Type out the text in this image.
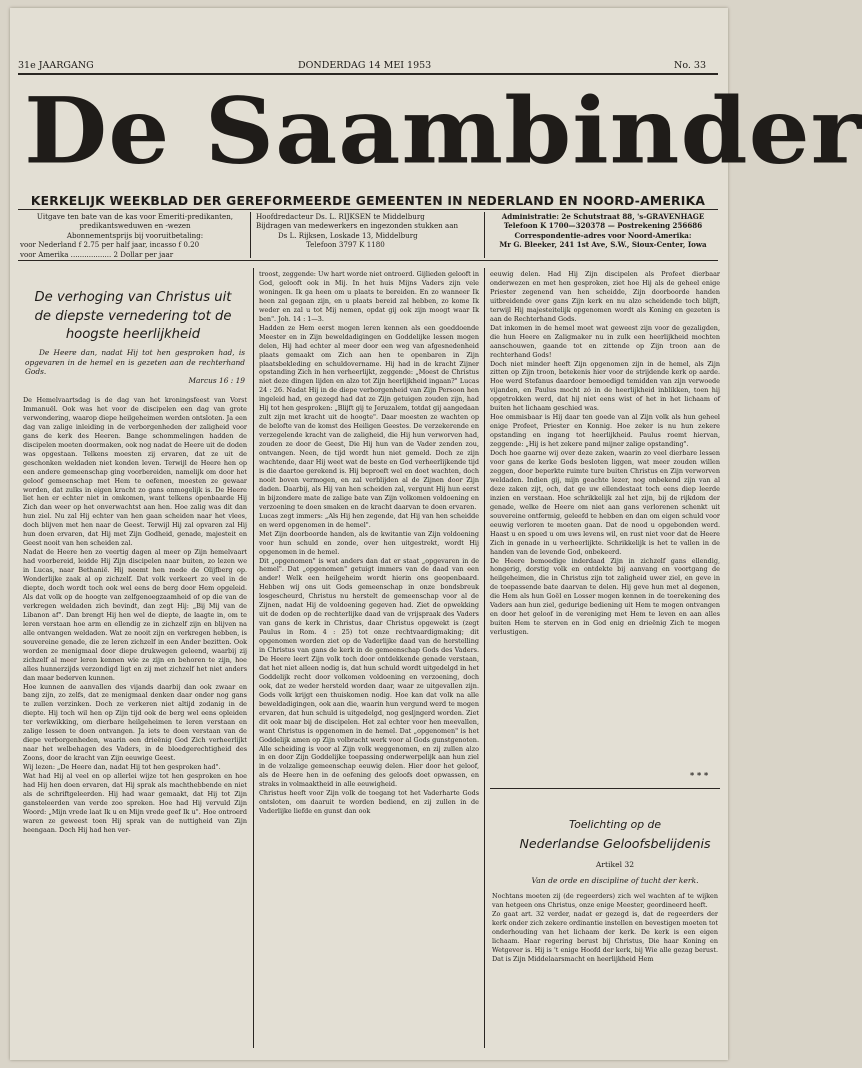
31e JAARGANG	DONDERDAG 14 MEI 1953	No. 33
De Saambinder
KERKELIJK WEEKBLAD DER GEREFORMEERDE GEMEENTEN IN NEDERLAND EN NOORD-AMERIKA
Uitgave ten bate van de kas voor Emeriti-predikanten,
predikantsweduwen en -wezen
Abonnementsprijs bij vooruitbetaling:
voor Nederland f 2.75 per half jaar, incasso f 0.20
voor Amerika .................. 2 Dollar per jaar
Hoofdredacteur Ds. L. RIJKSEN te Middelburg
Bijdragen van medewerkers en ingezonden stukken aan
Ds L. Rijksen, Loskade 13, Middelburg
Telefoon 3797 K 1180
Administratie: 2e Schutstraat 88, 's-GRAVENHAGE
Telefoon K 1700—320378 — Postrekening 256686
Correspondentie-adres voor Noord-Amerika:
Mr G. Bleeker, 241 1st Ave, S.W., Sioux-Center, Iowa
De verhoging van Christus uit
de diepste vernedering tot de
hoogste heerlijkheid
De Heere dan, nadat Hij tot hen gesproken had, is opgevaren in de hemel en is gezeten aan de rechterhand Gods.
Marcus 16 : 19

De Hemelvaartsdag is de dag van het kroningsfeest van Vorst Immanuël. Ook was het voor de discipelen een dag van grote verwondering, waarop diepe heilgeheimen werden ontsloten. Ja een dag van zalige inleiding in de verborgenheden der zaligheid voor gans de kerk des Heeren. Bange schommelingen hadden de discipelen moeten doormaken, ook nog nadat de Heere uit de doden was opgestaan. Telkens moesten zij ervaren, dat ze uit de geschonken weldaden niet konden leven. Terwijl de Heere hen op een andere gemeenschap ging voorbereiden, namelijk om door het geloof gemeenschap met Hem te oefenen, moesten ze gewaar worden, dat zulks in eigen kracht zo gans onmogelijk is. De Heere liet hen er echter niet in omkomen, want telkens openbaarde Hij Zich dan weer op het onverwachtst aan hen. Hoe zalig was dit dan hun ziel. Nu zal Hij echter van hen gaan scheiden naar het vlees, doch blijven met hen naar de Geest. Terwijl Hij zal opvaren zal Hij hun doen ervaren, dat Hij met Zijn Godheid, genade, majesteit en Geest nooit van hen scheiden zal.

Nadat de Heere hen zo veertig dagen al meer op Zijn hemelvaart had voorbereid, leidde Hij Zijn discipelen naar buiten, zo lezen we in Lucas, naar Bethanië. Hij neemt hen mede de Olijfberg op. Wonderlijke zaak al op zichzelf. Dat volk verkeert zo veel in de diepte, doch wordt toch ook wel eens de berg door Hem opgeleid. Als dat volk op de hoogte van zelfgenoegzaamheid of op die van de verkregen weldaden zich bevindt, dan zegt Hij: „Bij Mij van de Libanon af". Dan brengt Hij hen wel de diepte, de laagte in, om te leren verstaan hoe arm en ellendig ze in zichzelf zijn en blijven na alle ontvangen weldaden. Wat ze nooit zijn en verkregen hebben, is souvereine genade, die ze leren zichzelf in een Ander bezitten. Ook worden ze menigmaal door diepe drukwegen geleend, waarbij zij zichzelf al meer leren kennen wie ze zijn en behoren te zijn, hoe alles hunnerzijds verzondigd ligt en zij met zichzelf het niet anders dan maar bederven kunnen.

Hoe kunnen de aanvallen des vijands daarbij dan ook zwaar en bang zijn, zo zelfs, dat ze menigmaal denken daar onder nog gans te zullen verzinken. Doch ze verkeren niet altijd zodanig in de diepte. Hij toch wil hen op Zijn tijd ook de berg wel eens opleiden ter verkwikking, om dierbare heilgeheimen te leren verstaan en zalige lessen te doen ontvangen. Ja iets te doen verstaan van de diepe verborgenheden, waarin een drieënig God Zich verheerlijkt naar het welbehagen des Vaders, in de bloedgerechtigheid des Zoons, door de kracht van Zijn eeuwige Geest.

Wij lezen: „De Heere dan, nadat Hij tot hen gesproken had".

Wat had Hij al veel en op allerlei wijze tot hen gesproken en hoe had Hij hen doen ervaren, dat Hij sprak als machthebbende en niet als de schriftgeleerden. Hij had waar gemaakt, dat Hij tot Zijn gansteleerden van verde zoo spreken. Hoe had Hij vervuld Zijn Woord: „Mijn vrede laat Ik u en Mijn vrede geef Ik u". Hoe ontroerd waren ze geweest toen Hij sprak van de nuttigheid van Zijn heengaan. Doch Hij had hen ver-

troost, zeggende: Uw hart worde niet ontroerd. Gijlieden gelooft in God, gelooft ook in Mij. In het huis Mijns Vaders zijn vele woningen. Ik ga heen om u plaats te bereiden. En zo wanneer Ik heen zal gegaan zijn, en u plaats bereid zal hebben, zo kome Ik weder en zal u tot Mij nemen, opdat gij ook zijn moogt waar Ik ben". Joh. 14 : 1—3.

Hadden ze Hem eerst mogen leren kennen als een goeddoende Meester en in Zijn beweldadigingen en Goddelijke lessen mogen delen, Hij had echter al meer door een weg van afgesnedenheid plaats gemaakt om Zich aan hen te openbaren in Zijn plaatsbekleding en schuldovername. Hij had in de kracht Zijner opstanding Zich in hen verheerlijkt, zeggende: „Moest de Christus niet deze dingen lijden en alzo tot Zijn heerlijkheid ingaan?" Lucas 24 : 26. Nadat Hij in de diepe verborgenheid van Zijn Persoon hen ingeleid had, en gezegd had dat ze Zijn getuigen zouden zijn, had Hij tot hen gesproken: „Blijft gij te Jeruzalem, totdat gij aangedaan zult zijn met kracht uit de hoogte". Daar moesten ze wachten op de belofte van de komst des Heiligen Geestes. De verzekerende en verzegelende kracht van de zaligheid, die Hij hun verworven had, zouden ze door de Geest, Die Hij hun van de Vader zenden zou, ontvangen. Neen, de tijd wordt hun niet gemeld. Doch ze zijn wachtende, daar Hij weet wat de beste en God verheerlijkende tijd is die daartoe gerekend is. Hij beproeft wel en doet wachten, doch nooit boven vermogen, en zal verblijden al de Zijnen door Zijn daden. Daarbij, als Hij van hen scheiden zal, vergunt Hij hun eerst in bijzondere mate de zalige bate van Zijn volkomen voldoening en verzoening te doen smaken en de kracht daarvan te doen ervaren.

Lucas zegt immers: „Als Hij hen zegende, dat Hij van hen scheidde en werd opgenomen in de hemel".

Met Zijn doorboorde handen, als de kwitantie van Zijn voldoening voor hun schuld en zonde, over hen uitgestrekt, wordt Hij opgenomen in de hemel.

Dit „opgenomen" is wat anders dan dat er staat „opgevaren in de hemel". Dat „opgenomen" getuigt immers van de daad van een ander! Welk een heilgeheim wordt hierin ons geopenbaard. Hebben wij ons uit Gods gemeenschap in onze bondsbreuk losgescheurd, Christus nu herstelt de gemeenschap voor al de Zijnen, nadat Hij de voldoening gegeven had. Ziet de opwekking uit de doden op de rechterlijke daad van de vrijspraak des Vaders van gans de kerk in Christus, daar Christus opgewekt is (zegt Paulus in Rom. 4 : 25) tot onze rechtvaardigmaking; dit opgenomen worden ziet op de Vaderlijke daad van de herstelling in Christus van gans de kerk in de gemeenschap Gods des Vaders. De Heere leert Zijn volk toch door ontdekkende genade verstaan, dat het niet alleen nodig is, dat hun schuld wordt uitgedelgd in het Goddelijk recht door volkomen voldoening en verzoening, doch ook, dat ze weder hersteld worden daar, waar ze uitgevallen zijn. Gods volk krijgt een thuiskomen nodig. Hoe kan dat volk na alle beweldadigingen, ook aan die, waarin hun vergund werd te mogen ervaren, dat hun schuld is uitgedelgd, nog gesljngerd worden. Ziet dit ook maar bij de discipelen. Het zal echter voor hen meevallen, want Christus is opgenomen in de hemel. Dat „opgenomen" is het Goddelijk amen op Zijn volbracht werk voor al Gods gunstgenoten. Alle scheiding is voor al Zijn volk weggenomen, en zij zullen alzo in en door Zijn Goddelijke toepassing onderwerpelijk aan hun ziel in de volzalige gemeenschap eeuwig delen. Hier door het geloof, als de Heere hen in de oefening des geloofs doet opwassen, en straks in volmaaktheid in alle eeuwigheid.

Christus heeft voor Zijn volk de toegang tot het Vaderharte Gods ontsloten, om daaruit te worden bediend, en zij zullen in de Vaderlijke liefde en gunst dan ook

eeuwig delen. Had Hij Zijn discipelen als Profeet dierbaar onderwezen en met hen gesproken, ziet hoe Hij als de geheel enige Priester zegenend van hen scheidde, Zijn doorboorde handen uitbreidende over gans Zijn kerk en nu alzo scheidende toch blijft, terwijl Hij majesteitelijk opgenomen wordt als Koning en gezeten is aan de Rechterhand Gods.

Dat inkomen in de hemel moet wat geweest zijn voor de gezaligden, die hun Heere en Zaligmaker nu in zulk een heerlijkheid mochten aanschouwen, gaande tot en zittende op Zijn troon aan de rechterhand Gods!

Doch niet minder heeft Zijn opgenomen zijn in de hemel, als Zijn zitten op Zijn troon, betekenis hier voor de strijdende kerk op aarde. Hoe werd Stefanus daardoor bemoedigd temidden van zijn verwoede vijanden, en Paulus mocht zó in de heerlijkheid inblikken, toen hij opgetrokken werd, dat hij niet eens wist of het in het lichaam of buiten het lichaam geschied was.

Hoe ommisbaar is Hij daar ten goede van al Zijn volk als hun geheel enige Profeet, Priester en Konnig. Hoe zeker is nu hun zekere opstanding en ingang tot heerlijkheid. Paulus roemt hiervan, zeggende: „Hij is het zekere pand mijner zalige opstanding".

Doch hoe gaarne wij over deze zaken, waarin zo veel dierbare lessen voor gans de kerke Gods besloten liggen, wat meer zouden willen zeggen, door beperkte ruimte ture buiten Christus en Zijn verworven weldaden. Indien gij, mijn geachte lezer, nog onbekend zijn van al deze zaken zijt, och, dat ge uw ellendestaat toch eens diep leerde inzien en verstaan. Hoe schrikkelijk zal het zijn, bij de rijkdom der genade, welke de Heere om niet aan gans verlorenen schenkt uit souvereine ontfermig, geleefd te hebben en dan om eigen schuld voor eeuwig verloren te moeten gaan. Dat de nood u opgebonden werd. Haast u en spoed u om uws levens wil, en rust niet voor dat de Heere Zich in genade in u verheerlijkte. Schrikkelijk is het te vallen in de handen van de levende God, onbekeerd.

De Heere bemoedige inderdaad Zijn in zichzelf gans ellendig, hongerig, dorstig volk en ontdekte bij aanvang en voortgang de heilgeheimen, die in Christus zijn tot zaligheid uwer ziel, en geve in de toepassende bate daarvan te delen. Hij geve hun met al degenen, die Hem als hun Goël en Losser mogen kennen in de toerekening des Vaders aan hun ziel, gedurige bediening uit Hem te mogen ontvangen en door het geloof in de vereniging met Hem te leven en aan alles buiten Hem te sterven en in God enig en drieënig Zich te mogen verlustigen.

* * *
Toelichting op de
Nederlandse Geloofsbelijdenis
Artikel 32
Van de orde en discipline of tucht der kerk.

Nochtans moeten zij (de regeerders) zich wel wachten af te wijken van hetgeen ons Christus, onze enige Meester, geordineerd heeft.

Zo gaat art. 32 verder, nadat er gezegd is, dat de regeerders der kerk onder zich zekere ordinantie instellen en bevestigen moeten tot onderhouding van het lichaam der kerk. De kerk is een eigen lichaam. Haar regering berust bij Christus, Die haar Koning en Wetgever is. Hij is 't enige Hoofd der kerk, bij Wie alle gezag berust. Dat is Zijn Middelaarsmacht en heerlijkheid Hem
